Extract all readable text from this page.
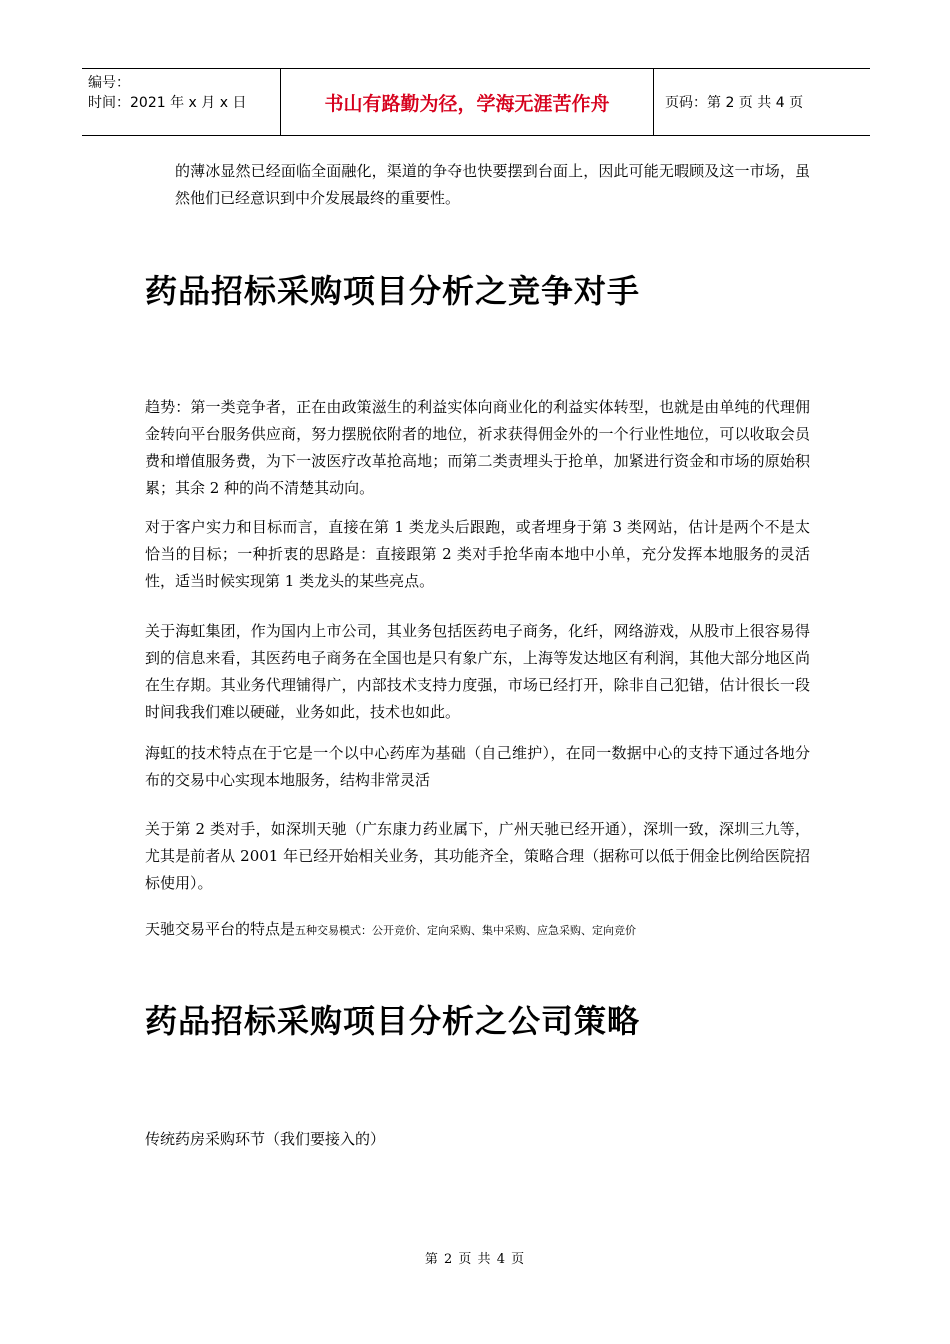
编号：
时间：2021 年 x 月 x 日	书山有路勤为径，学海无涯苦作舟	页码：第 2 页 共 4 页

的薄冰显然已经面临全面融化，渠道的争夺也快要摆到台面上，因此可能无暇顾及这一市场，虽然他们已经意识到中介发展最终的重要性。

药品招标采购项目分析之竞争对手

趋势：第一类竞争者，正在由政策滋生的利益实体向商业化的利益实体转型，也就是由单纯的代理佣金转向平台服务供应商，努力摆脱依附者的地位，祈求获得佣金外的一个行业性地位，可以收取会员费和增值服务费，为下一波医疗改革抢高地；而第二类责埋头于抢单，加紧进行资金和市场的原始积累；其余 2 种的尚不清楚其动向。

对于客户实力和目标而言，直接在第 1 类龙头后跟跑，或者埋身于第 3 类网站，估计是两个不是太恰当的目标；一种折衷的思路是：直接跟第 2 类对手抢华南本地中小单，充分发挥本地服务的灵活性，适当时候实现第 1 类龙头的某些亮点。

关于海虹集团，作为国内上市公司，其业务包括医药电子商务，化纤，网络游戏，从股市上很容易得到的信息来看，其医药电子商务在全国也是只有象广东，上海等发达地区有利润，其他大部分地区尚在生存期。其业务代理铺得广，内部技术支持力度强，市场已经打开，除非自己犯错，估计很长一段时间我我们难以硬碰，业务如此，技术也如此。

海虹的技术特点在于它是一个以中心药库为基础（自己维护），在同一数据中心的支持下通过各地分布的交易中心实现本地服务，结构非常灵活

关于第 2 类对手，如深圳天驰（广东康力药业属下，广州天驰已经开通），深圳一致，深圳三九等，尤其是前者从 2001 年已经开始相关业务，其功能齐全，策略合理（据称可以低于佣金比例给医院招标使用）。

天驰交易平台的特点是五种交易模式：公开竞价、定向采购、集中采购、应急采购、定向竞价

药品招标采购项目分析之公司策略

传统药房采购环节（我们要接入的）

第 2 页 共 4 页
